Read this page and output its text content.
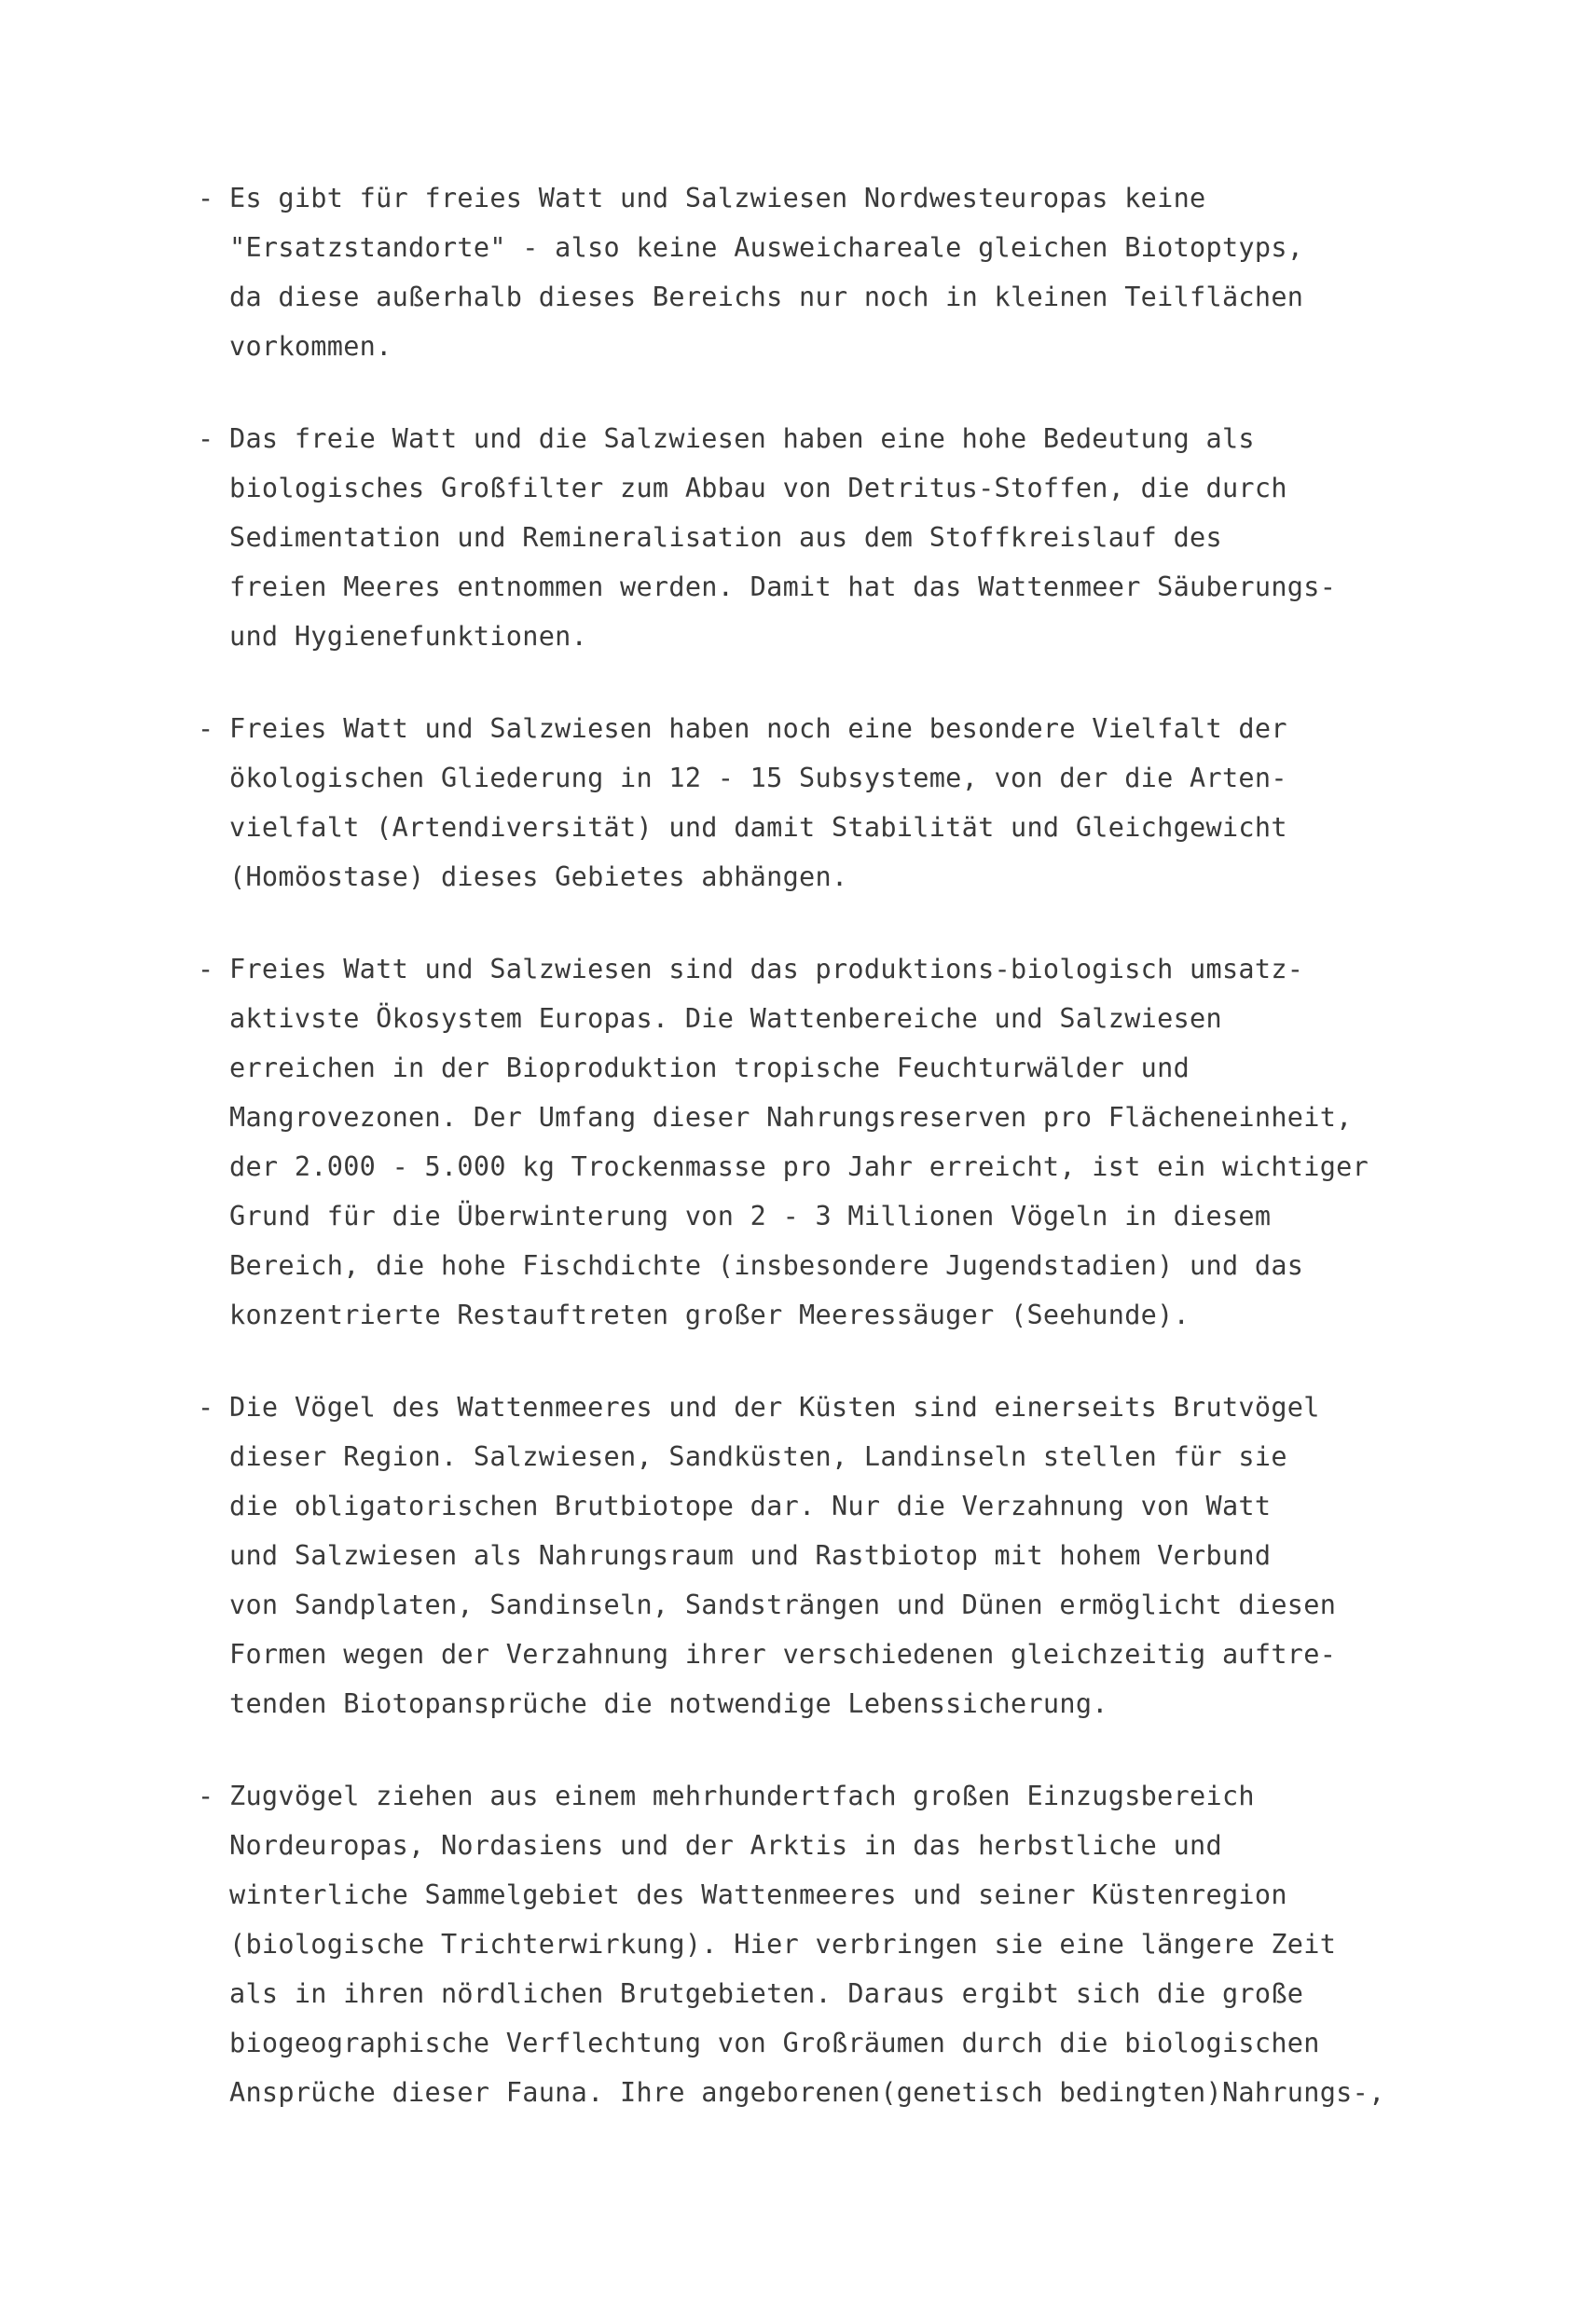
- Es gibt für freies Watt und Salzwiesen Nordwesteuropas keine
"Ersatzstandorte" - also keine Ausweichareale gleichen Biotoptyps,
da diese außerhalb dieses Bereichs nur noch in kleinen Teilflächen
vorkommen.
- Das freie Watt und die Salzwiesen haben eine hohe Bedeutung als
biologisches Großfilter zum Abbau von Detritus-Stoffen, die durch
Sedimentation und Remineralisation aus dem Stoffkreislauf des
freien Meeres entnommen werden. Damit hat das Wattenmeer Säuberungs-
und Hygienefunktionen.
- Freies Watt und Salzwiesen haben noch eine besondere Vielfalt der
ökologischen Gliederung in 12 - 15 Subsysteme, von der die Arten-
vielfalt (Artendiversität) und damit Stabilität und Gleichgewicht
(Homöostase) dieses Gebietes abhängen.
- Freies Watt und Salzwiesen sind das produktions-biologisch umsatz-
aktivste Ökosystem Europas. Die Wattenbereiche und Salzwiesen
erreichen in der Bioproduktion tropische Feuchturwälder und
Mangrovezonen. Der Umfang dieser Nahrungsreserven pro Flächeneinheit,
der 2.000 - 5.000 kg Trockenmasse pro Jahr erreicht, ist ein wichtiger
Grund für die Überwinterung von 2 - 3 Millionen Vögeln in diesem
Bereich, die hohe Fischdichte (insbesondere Jugendstadien) und das
konzentrierte Restauftreten großer Meeressäuger (Seehunde).
- Die Vögel des Wattenmeeres und der Küsten sind einerseits Brutvögel
dieser Region. Salzwiesen, Sandküsten, Landinseln stellen für sie
die obligatorischen Brutbiotope dar. Nur die Verzahnung von Watt
und Salzwiesen als Nahrungsraum und Rastbiotop mit hohem Verbund
von Sandplaten, Sandinseln, Sandsträngen und Dünen ermöglicht diesen
Formen wegen der Verzahnung ihrer verschiedenen gleichzeitig auftre-
tenden Biotopansprüche die notwendige Lebenssicherung.
- Zugvögel ziehen aus einem mehrhundertfach großen Einzugsbereich
Nordeuropas, Nordasiens und der Arktis in das herbstliche und
winterliche Sammelgebiet des Wattenmeeres und seiner Küstenregion
(biologische Trichterwirkung). Hier verbringen sie eine längere Zeit
als in ihren nördlichen Brutgebieten. Daraus ergibt sich die große
biogeographische Verflechtung von Großräumen durch die biologischen
Ansprüche dieser Fauna. Ihre angeborenen(genetisch bedingten)Nahrungs-,
